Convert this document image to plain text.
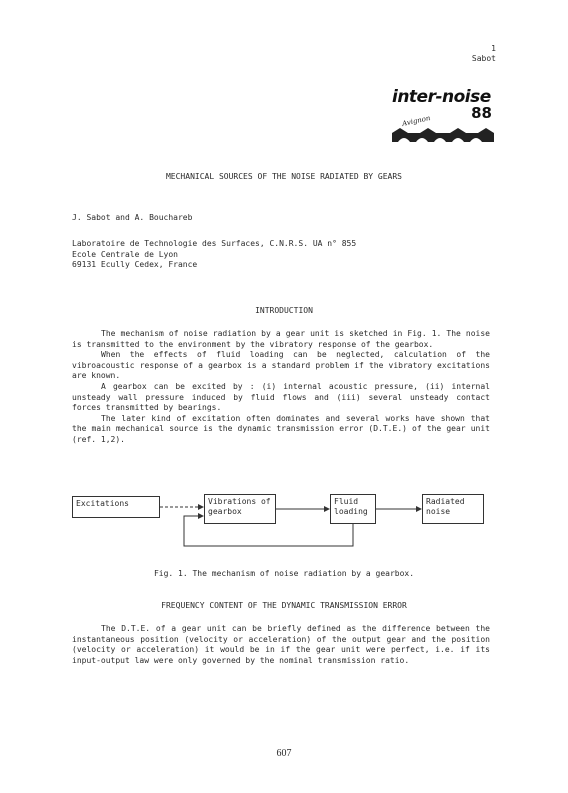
1
Sabot
inter-noise
88
Avignon
MECHANICAL SOURCES OF THE NOISE RADIATED BY GEARS
J. Sabot and A. Bouchareb
Laboratoire de Technologie des Surfaces, C.N.R.S. UA n° 855
Ecole Centrale de Lyon
69131 Ecully Cedex, France
INTRODUCTION

The mechanism of noise radiation by a gear unit is sketched in Fig. 1. The noise is transmitted to the environment by the vibratory response of the gearbox.

When the effects of fluid loading can be neglected, calculation of the vibroacoustic response of a gearbox is a standard problem if the vibratory excitations are known.

A gearbox can be excited by : (i) internal acoustic pressure, (ii) internal unsteady wall pressure induced by fluid flows and (iii) several unsteady contact forces transmitted by bearings.

The later kind of excitation often dominates and several works have shown that the main mechanical source is the dynamic transmission error (D.T.E.) of the gear unit (ref. 1,2).

Excitations	Vibrations of gearbox
Fluid loading
Radiated noise
Fig. 1. The mechanism of noise radiation by a gearbox.
FREQUENCY CONTENT OF THE DYNAMIC TRANSMISSION ERROR

The D.T.E. of a gear unit can be briefly defined as the difference between the instantaneous position (velocity or acceleration) of the output gear and the position (velocity or acceleration) it would be in if the gear unit were perfect, i.e. if its input-output law were only governed by the nominal transmission ratio.

607
